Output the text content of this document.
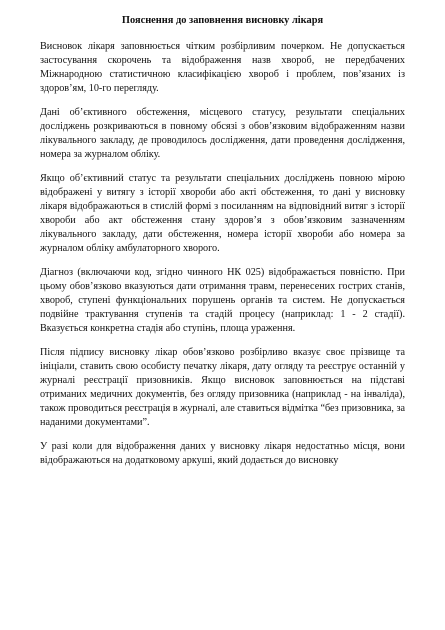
Пояснення до заповнення висновку лікаря

Висновок лікаря заповнюється чітким розбірливим почерком. Не допускається застосування скорочень та відображення назв хвороб, не передбачених Міжнародною статистичною класифікацією хвороб і проблем, пов’язаних із здоров’ям, 10-го перегляду.

Дані об’єктивного обстеження, місцевого статусу, результати спеціальних досліджень розкриваються в повному обсязі з обов’язковим відображенням назви лікувального закладу, де проводилось дослідження, дати проведення дослідження, номера за журналом обліку.

Якщо об’єктивний статус та результати спеціальних досліджень повною мірою відображені у витягу з історії хвороби або акті обстеження, то дані у висновку лікаря відображаються в стислій формі з посиланням на відповідний витяг з історії хвороби або акт обстеження стану здоров’я з обов’язковим зазначенням лікувального закладу, дати обстеження, номера історії хвороби або номера за журналом обліку амбулаторного хворого.

Діагноз (включаючи код, згідно чинного НК 025) відображається повністю. При цьому обов’язково вказуються дати отримання травм, перенесених гострих станів, хвороб, ступені функціональних порушень органів та систем. Не допускається подвійне трактування ступенів та стадій процесу (наприклад: 1 - 2 стадії). Вказується конкретна стадія або ступінь, площа ураження.

Після підпису висновку лікар обов’язково розбірливо вказує своє прізвище та ініціали, ставить свою особисту печатку лікаря, дату огляду та реєструє останній у журналі реєстрації призовників. Якщо висновок заповнюється на підставі отриманих медичних документів, без огляду призовника (наприклад - на інваліда), також проводиться реєстрація в журналі, але ставиться відмітка “без призовника, за наданими документами”.

У разі коли для відображення даних у висновку лікаря недостатньо місця, вони відображаються на додатковому аркуші, який додається до висновку
